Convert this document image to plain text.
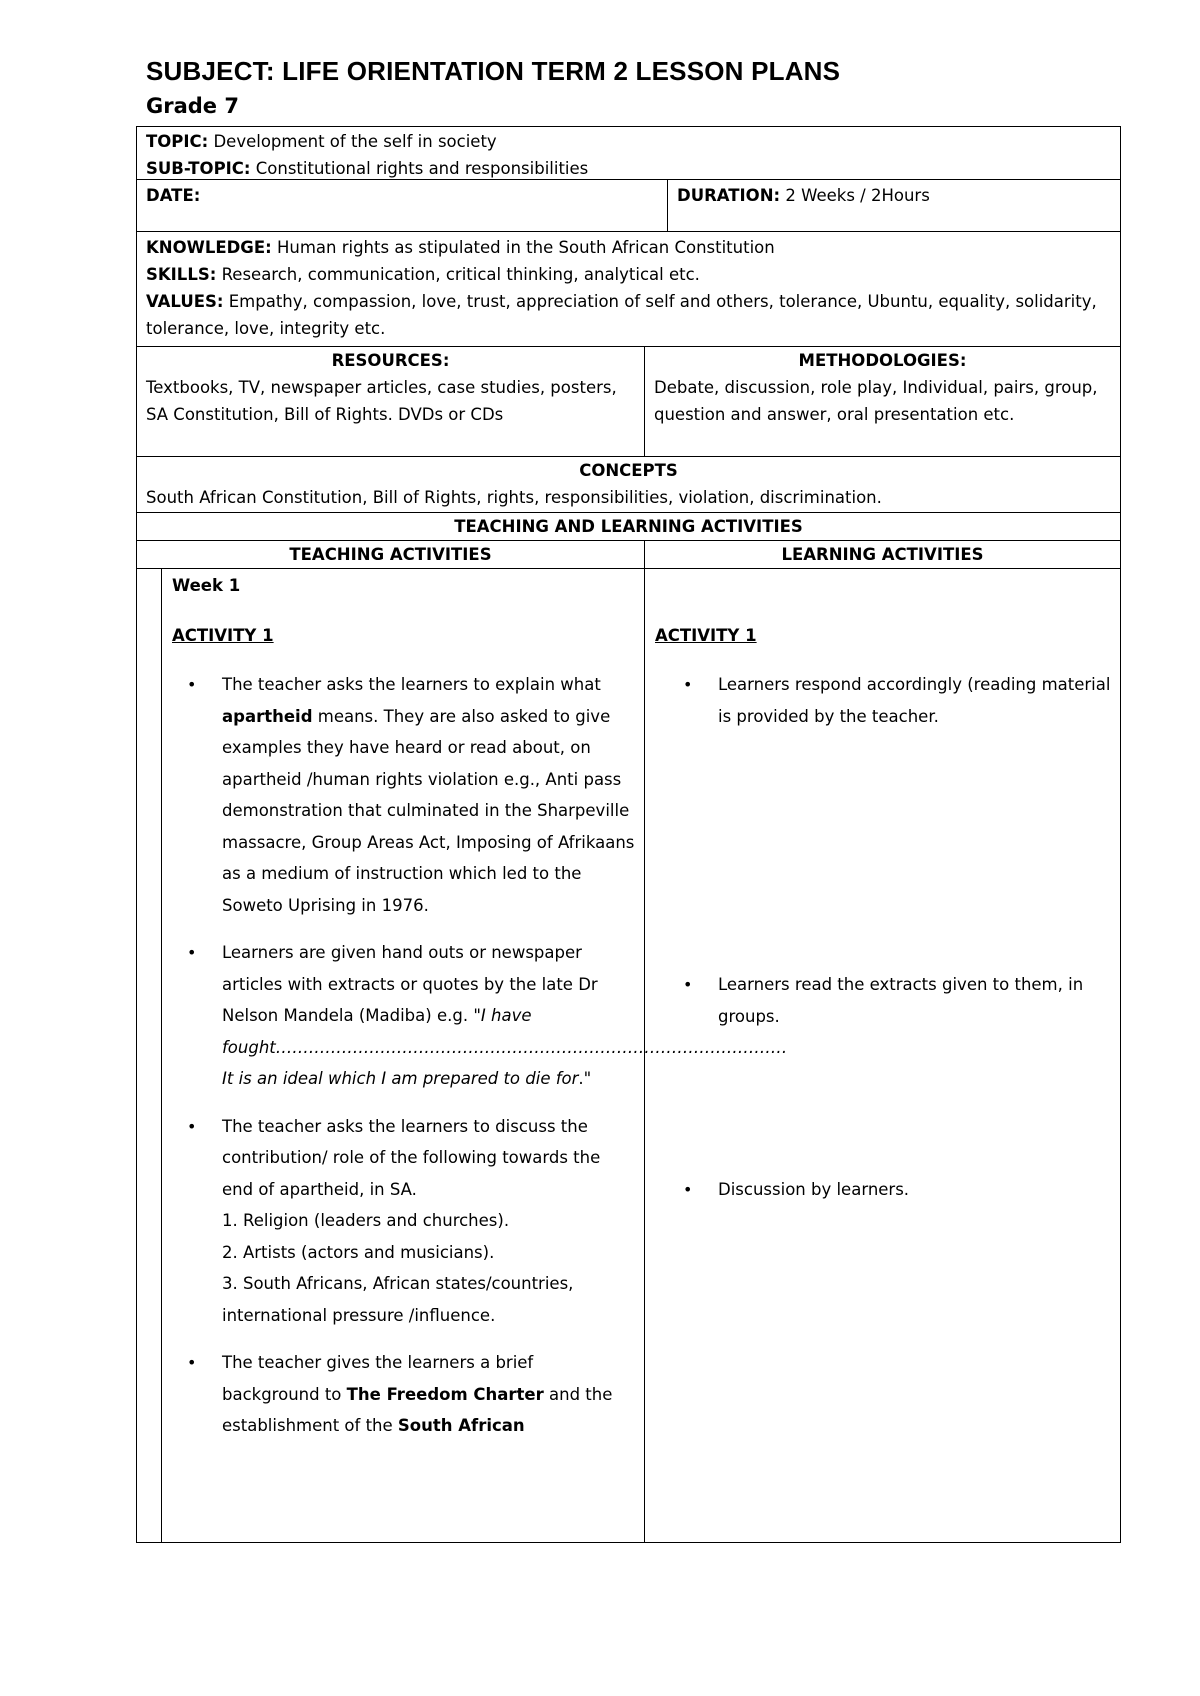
SUBJECT: LIFE ORIENTATION TERM 2 LESSON PLANS
Grade 7
TOPIC: Development of the self in society
SUB-TOPIC: Constitutional rights and responsibilities
DATE:	DURATION: 2 Weeks / 2Hours
KNOWLEDGE: Human rights as stipulated in the South African Constitution
SKILLS: Research, communication, critical thinking, analytical etc.
VALUES: Empathy, compassion, love, trust, appreciation of self and others, tolerance, Ubuntu, equality, solidarity, tolerance, love, integrity etc.
RESOURCES:
Textbooks, TV, newspaper articles, case studies, posters, SA Constitution, Bill of Rights. DVDs or CDs
METHODOLOGIES:
Debate, discussion, role play, Individual, pairs, group, question and answer, oral presentation etc.
CONCEPTS
South African Constitution, Bill of Rights, rights, responsibilities, violation, discrimination.
TEACHING AND LEARNING ACTIVITIES
TEACHING ACTIVITIES	LEARNING ACTIVITIES
Week 1
ACTIVITY 1
• The teacher asks the learners to explain what apartheid means. They are also asked to give examples they have heard or read about, on apartheid /human rights violation e.g., Anti pass demonstration that culminated in the Sharpeville massacre, Group Areas Act, Imposing of Afrikaans as a medium of instruction which led to the Soweto Uprising in 1976.
• Learners are given hand outs or newspaper articles with extracts or quotes by the late Dr Nelson Mandela (Madiba) e.g. "I have fought…………………………………………………………………………………It is an ideal which I am prepared to die for."
• The teacher asks the learners to discuss the contribution/ role of the following towards the end of apartheid, in SA.
1. Religion (leaders and churches).
2. Artists (actors and musicians).
3. South Africans, African states/countries, international pressure /influence.
• The teacher gives the learners a brief background to The Freedom Charter and the establishment of the South African
ACTIVITY 1
• Learners respond accordingly (reading material is provided by the teacher.
• Learners read the extracts given to them, in groups.
• Discussion by learners.
